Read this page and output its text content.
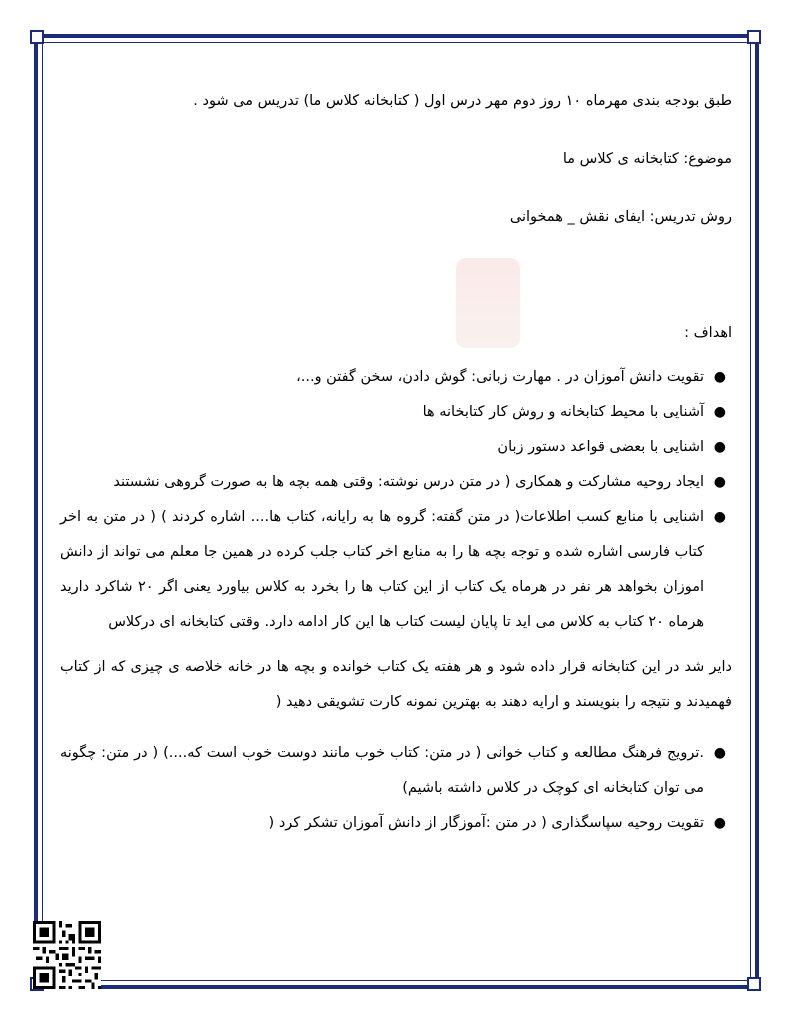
طبق بودجه بندی مهرماه ۱۰ روز دوم مهر درس اول ( کتابخانه کلاس ما) تدریس می شود .

موضوع: کتابخانه ی کلاس ما

روش تدریس: ایفای نقش _ همخوانی

اهداف :

●
تقویت دانش آموزان در . مهارت زبانی: گوش دادن، سخن گفتن و...،
●
آشنایی با محیط کتابخانه و روش کار کتابخانه ها
●
اشنایی با بعضی قواعد دستور زبان
●
ایجاد روحیه مشارکت و همکاری ( در متن درس نوشته: وقتی همه بچه ها به صورت گروهی نشستند
●
اشنایی با منابع کسب اطلاعات( در متن گفته: گروه ها به رایانه، کتاب ها.... اشاره کردند ) ( در متن به اخر کتاب فارسی اشاره شده و توجه بچه ها را به منابع اخر کتاب جلب کرده در همین جا معلم می تواند از دانش اموزان بخواهد هر نفر در هرماه یک کتاب از این کتاب ها را بخرد به کلاس بیاورد یعنی اگر ۲۰ شاکرد دارید هرماه ۲۰ کتاب به کلاس می اید تا پایان لیست کتاب ها این کار ادامه دارد. وقتی کتابخانه ای درکلاس

دایر شد در این کتابخانه قرار داده شود و هر هفته یک کتاب خوانده و بچه ها در خانه خلاصه ی چیزی که از کتاب فهمیدند و نتیجه را بنویسند و ارایه دهند به بهترین نمونه کارت تشویقی دهید (

●
.ترویج فرهنگ مطالعه و کتاب خوانی ( در متن: کتاب خوب مانند دوست خوب است که....) ( در متن: چگونه می توان کتابخانه ای کوچک در کلاس داشته باشیم)
●
تقویت روحیه سپاسگذاری ( در متن :آموزگار از دانش آموزان تشکر کرد (
